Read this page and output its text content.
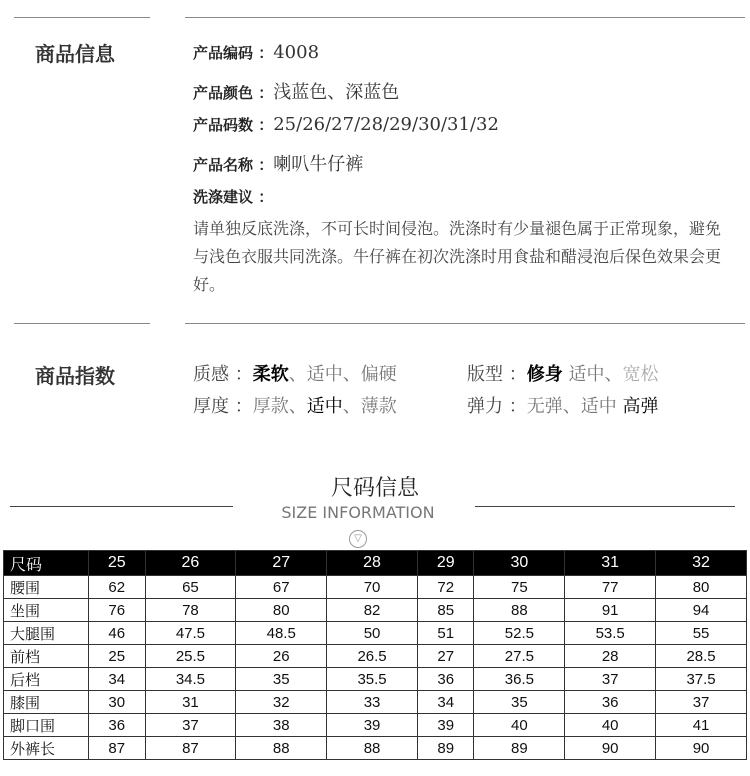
商品信息	产品编码 ：4008
产品颜色 ：浅蓝色、深蓝色
产品码数 ：25/26/27/28/29/30/31/32
产品名称 ：喇叭牛仔裤
洗涤建议 ：
请单独反底洗涤，不可长时间侵泡。洗涤时有少量褪色属于正常现象，避免与浅色衣服共同洗涤。牛仔裤在初次洗涤时用食盐和醋浸泡后保色效果会更好。
商品指数	质感 ：柔软、适中、偏硬	版型 ：修身 适中、宽松
厚度 ：厚款、适中、薄款	弹力 ：无弹、适中 高弹
尺码信息
SIZE INFORMATION
▽
尺码	25	26	27	28	29	30	31	32
腰围	62	65	67	70	72	75	77	80
坐围	76	78	80	82	85	88	91	94
大腿围	46	47.5	48.5	50	51	52.5	53.5	55
前档	25	25.5	26	26.5	27	27.5	28	28.5
后档	34	34.5	35	35.5	36	36.5	37	37.5
膝围	30	31	32	33	34	35	36	37
脚口围	36	37	38	39	39	40	40	41
外裤长	87	87	88	88	89	89	90	90
